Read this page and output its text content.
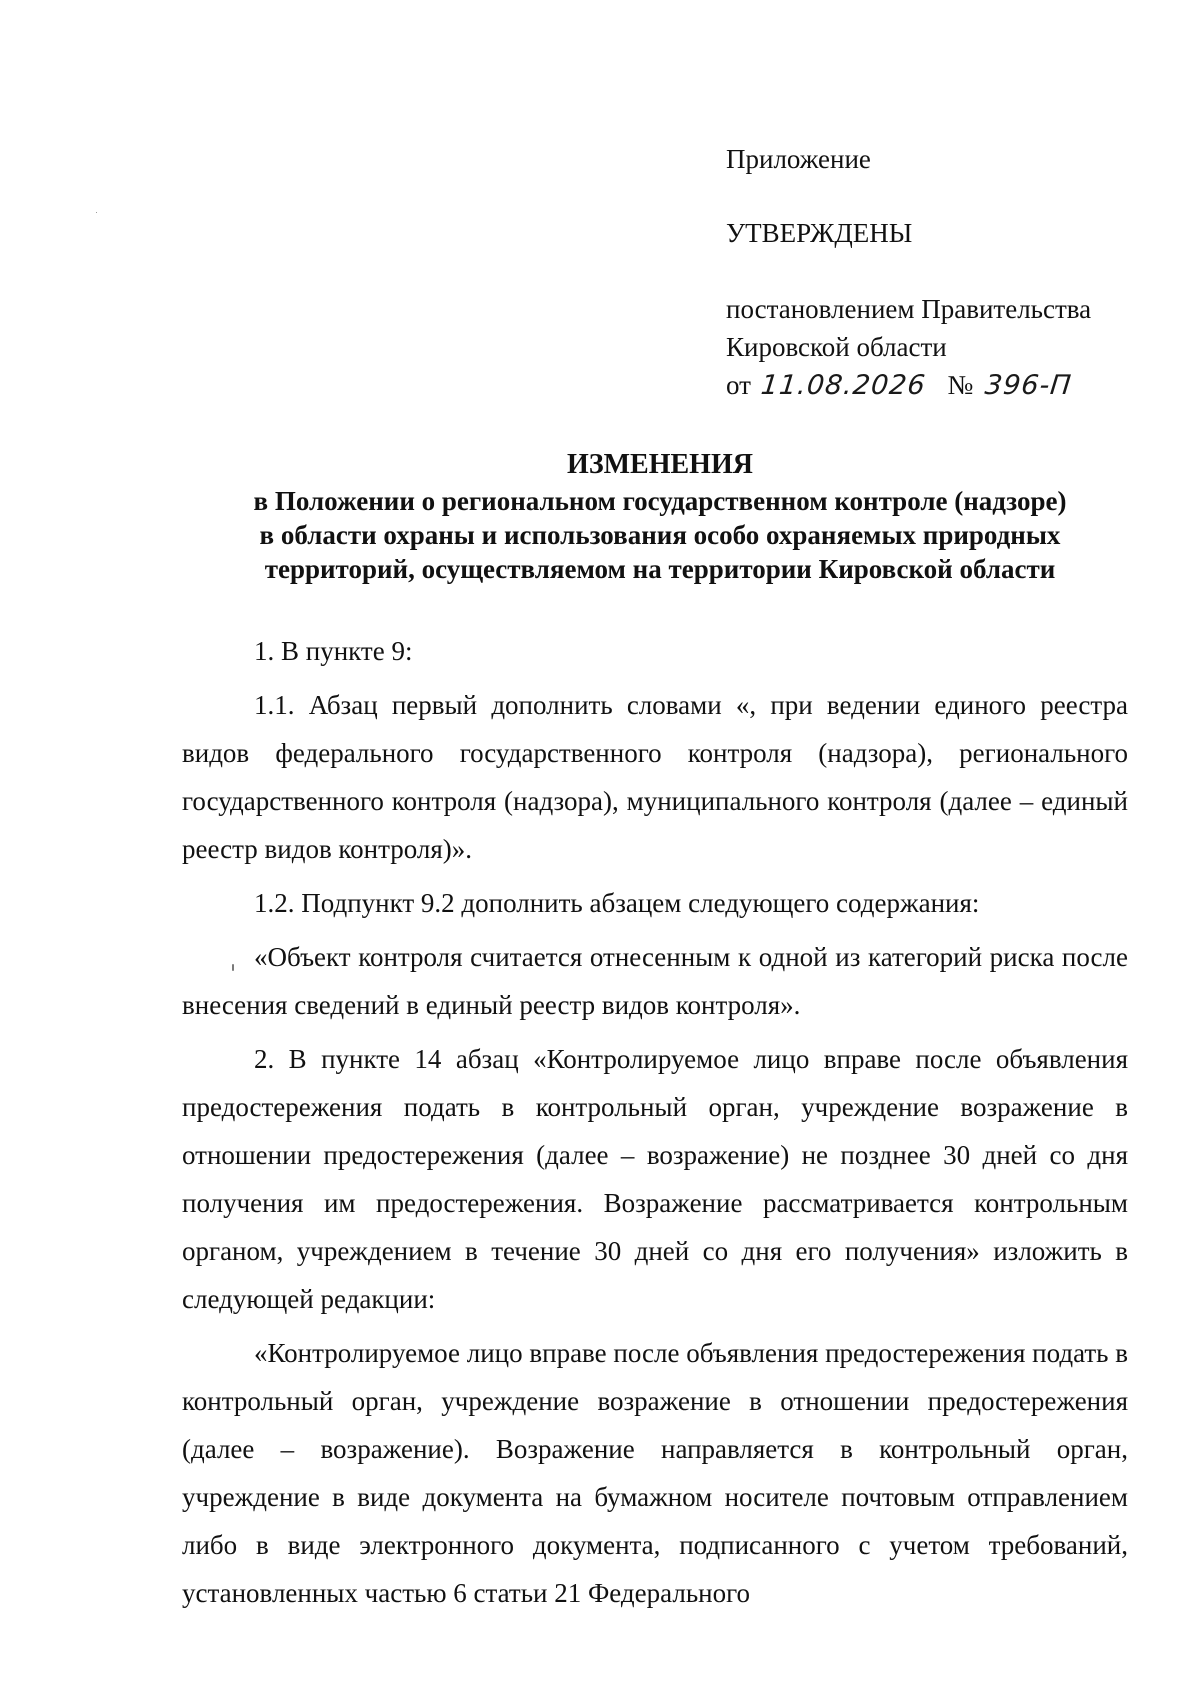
Приложение
УТВЕРЖДЕНЫ
постановлением Правительства
Кировской области
от 11.08.2026 № 396-П
ИЗМЕНЕНИЯ
в Положении о региональном государственном контроле (надзоре)
в области охраны и использования особо охраняемых природных
территорий, осуществляемом на территории Кировской области

1. В пункте 9:

1.1. Абзац первый дополнить словами «, при ведении единого реестра видов федерального государственного контроля (надзора), регионального государственного контроля (надзора), муниципального контроля (далее – единый реестр видов контроля)».

1.2. Подпункт 9.2 дополнить абзацем следующего содержания:

«Объект контроля считается отнесенным к одной из категорий риска после внесения сведений в единый реестр видов контроля».

2. В пункте 14 абзац «Контролируемое лицо вправе после объявления предостережения подать в контрольный орган, учреждение возражение в отношении предостережения (далее – возражение) не позднее 30 дней со дня получения им предостережения. Возражение рассматривается контрольным органом, учреждением в течение 30 дней со дня его получения» изложить в следующей редакции:

«Контролируемое лицо вправе после объявления предостережения подать в контрольный орган, учреждение возражение в отношении предостережения (далее – возражение). Возражение направляется в контрольный орган, учреждение в виде документа на бумажном носителе почтовым отправлением либо в виде электронного документа, подписанного с учетом требований, установленных частью 6 статьи 21 Федерального
